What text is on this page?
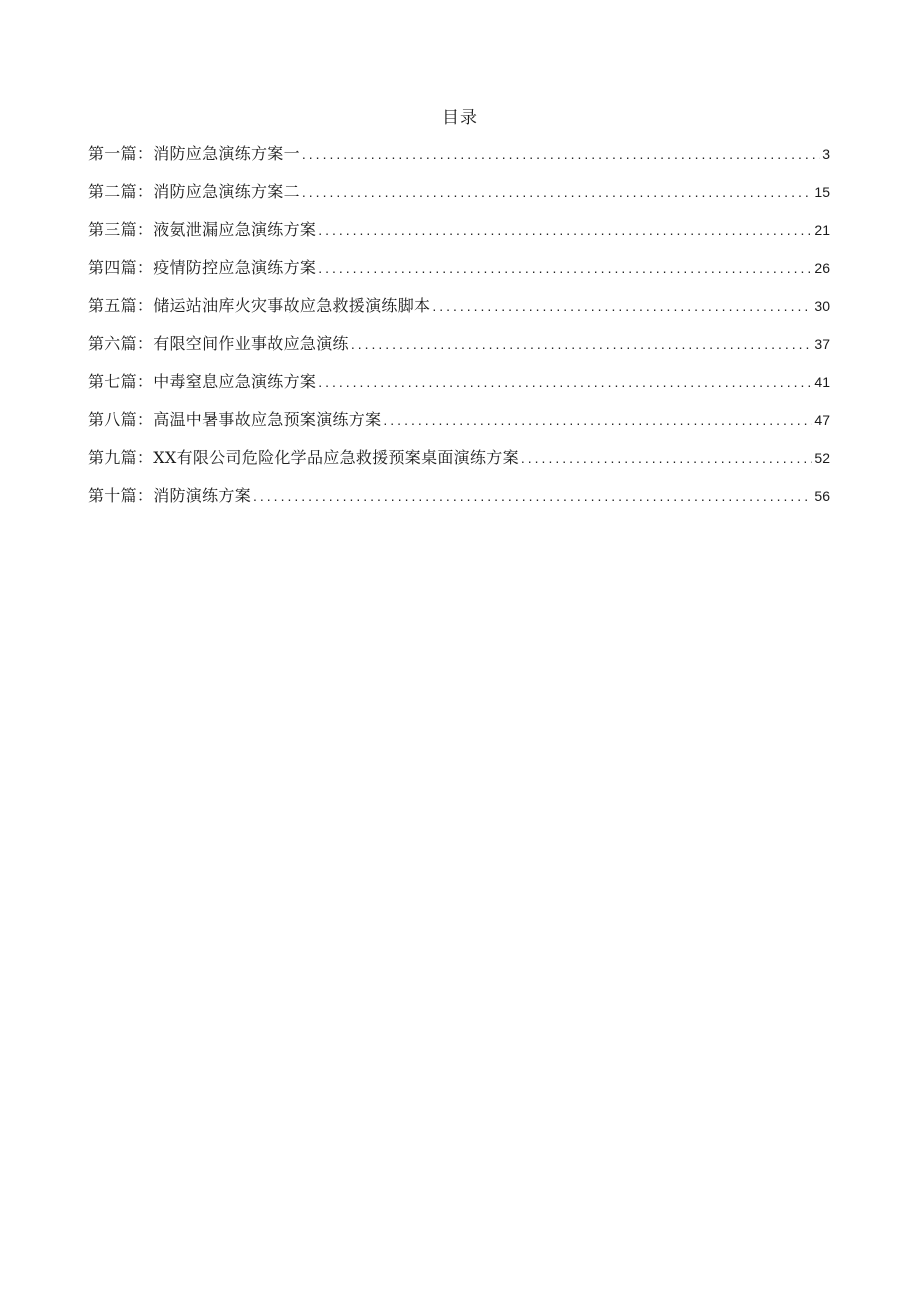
目录
第一篇：消防应急演练方案一 .....	3
第二篇：消防应急演练方案二 .....	15
第三篇：液氨泄漏应急演练方案 .....	21
第四篇：疫情防控应急演练方案 .....	26
第五篇：储运站油库火灾事故应急救援演练脚本 .....	30
第六篇：有限空间作业事故应急演练 .....	37
第七篇：中毒窒息应急演练方案 .....	41
第八篇：高温中暑事故应急预案演练方案 .....	47
第九篇：XX有限公司危险化学品应急救援预案桌面演练方案 .....	52
第十篇：消防演练方案 .....	56
